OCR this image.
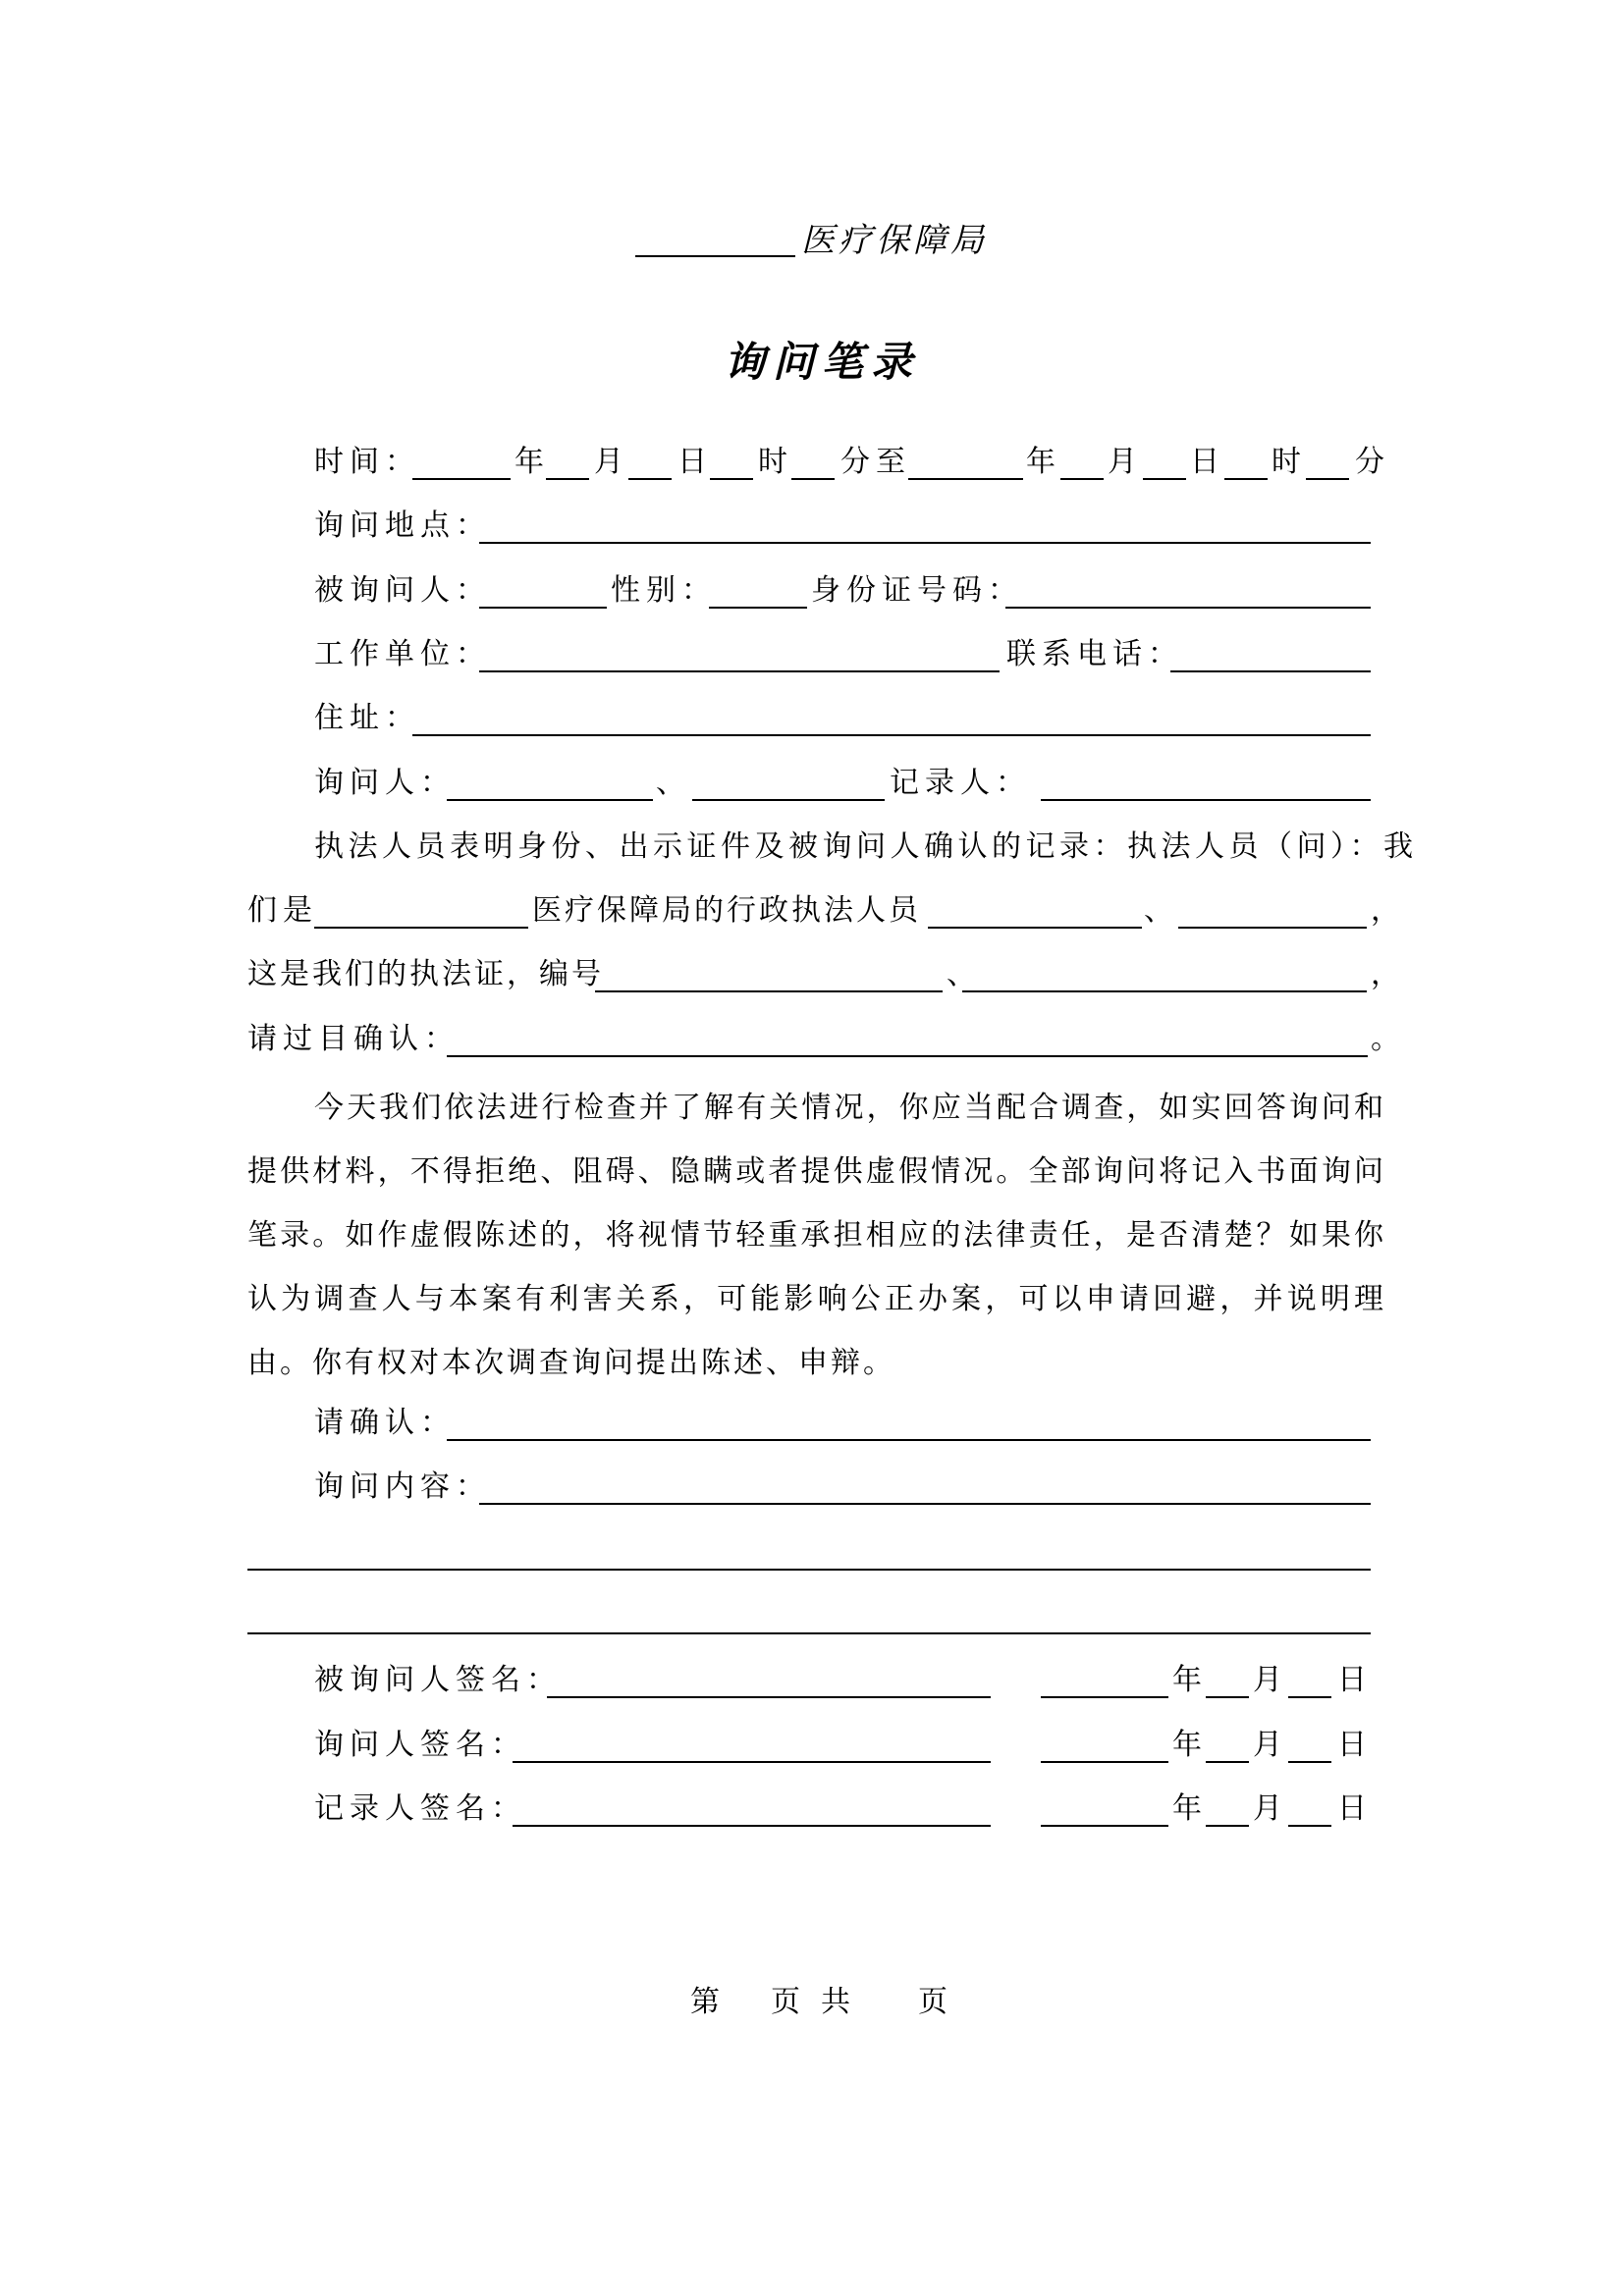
医疗保障局
询问笔录
时间：	年 月 日 时 分 至	年 月 日 时 分
询问地点：
被询问人：	性别：	身份证号码：
工作单位：	联系电话：
住址：
询问人：	、	记录人：
执法人员表明身份、出示证件及被询问人确认的记录：执法人员（问）：我
们是	医疗保障局的行政执法人员	、	，
这是我们的执法证，编号	、	，
请过目确认：	。
今天我们依法进行检查并了解有关情况，你应当配合调查，如实回答询问和提供材料，不得拒绝、阻碍、隐瞒或者提供虚假情况。全部询问将记入书面询问笔录。如作虚假陈述的，将视情节轻重承担相应的法律责任，是否清楚？如果你认为调查人与本案有利害关系，可能影响公正办案，可以申请回避，并说明理由。你有权对本次调查询问提出陈述、申辩。
请确认：
询问内容：
被询问人签名：	年 月 日
询问人签名：	年 月 日
记录人签名：	年 月 日
第 页 共 页
